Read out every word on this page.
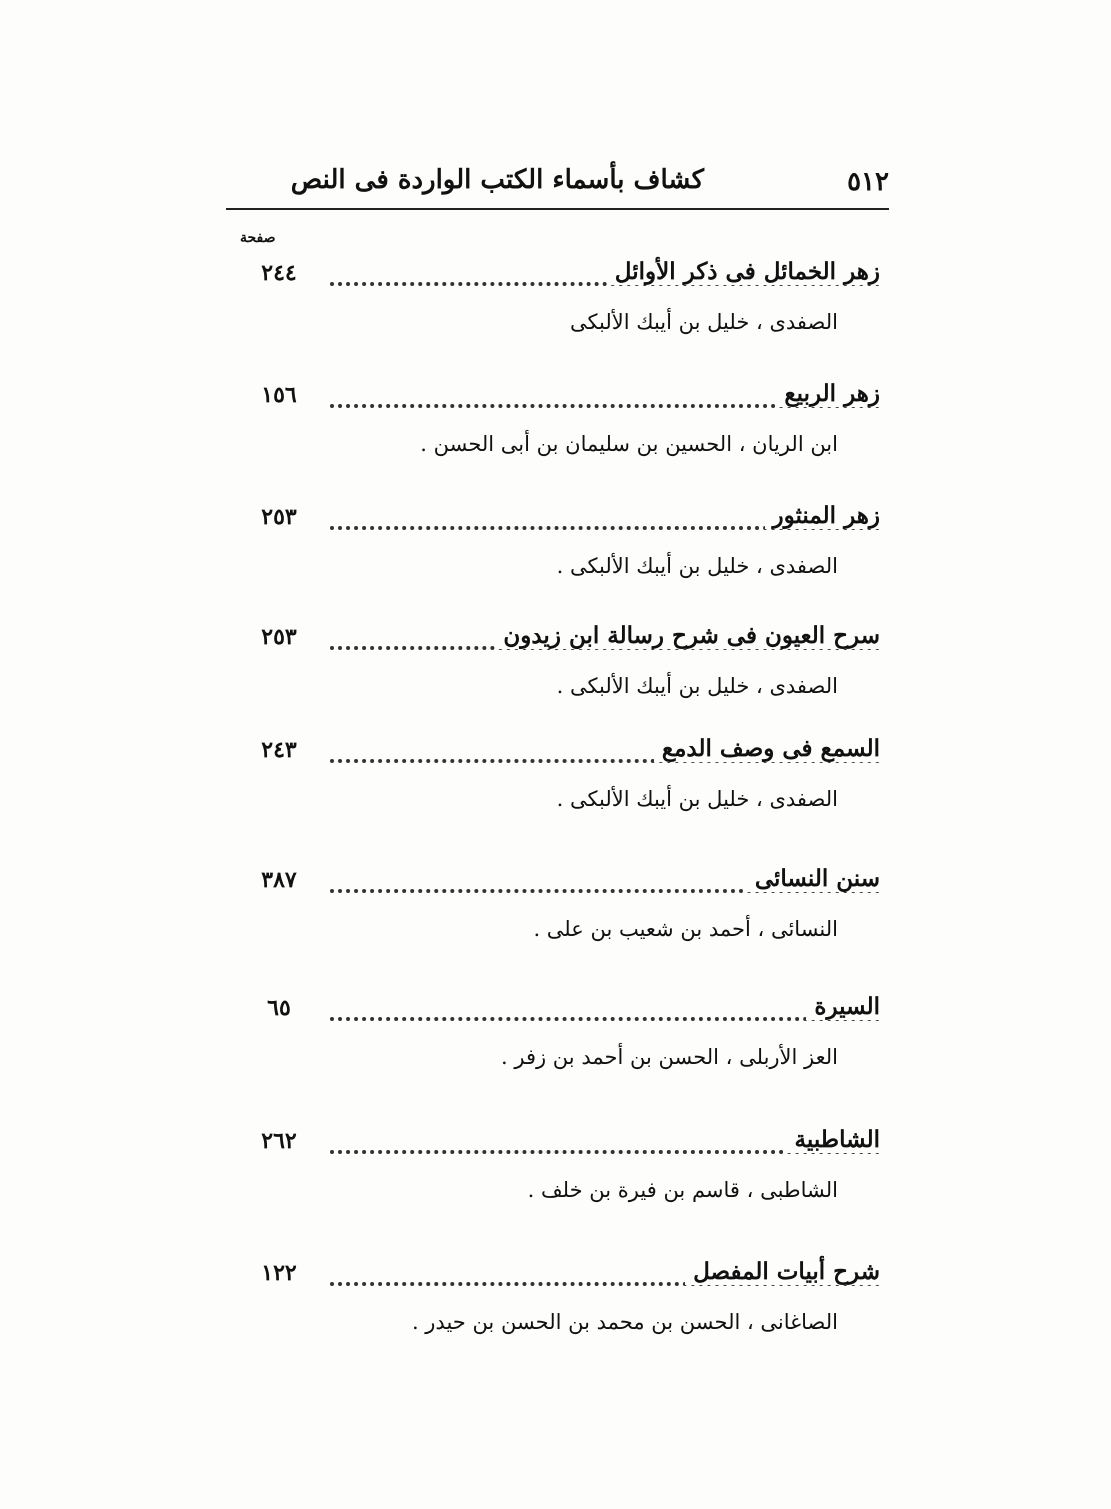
٥١٢
كشاف بأسماء الكتب الواردة فى النص
صفحة
٢٤٤	زهر الخمائل فى ذكر الأوائل
الصفدى ، خليل بن أيبك الألبكى
١٥٦	زهر الربيع
ابن الريان ، الحسين بن سليمان بن أبى الحسن .
٢٥٣	زهر المنثور
الصفدى ، خليل بن أيبك الألبكى .
٢٥٣	سرح العيون فى شرح رسالة ابن زيدون
الصفدى ، خليل بن أيبك الألبكى .
٢٤٣	السمع فى وصف الدمع
الصفدى ، خليل بن أيبك الألبكى .
٣٨٧	سنن النسائى
النسائى ، أحمد بن شعيب بن على .
٦٥	السيرة
العز الأربلى ، الحسن بن أحمد بن زفر .
٢٦٢	الشاطبية
الشاطبى ، قاسم بن فيرة بن خلف .
١٢٢	شرح أبيات المفصل
الصاغانى ، الحسن بن محمد بن الحسن بن حيدر .
